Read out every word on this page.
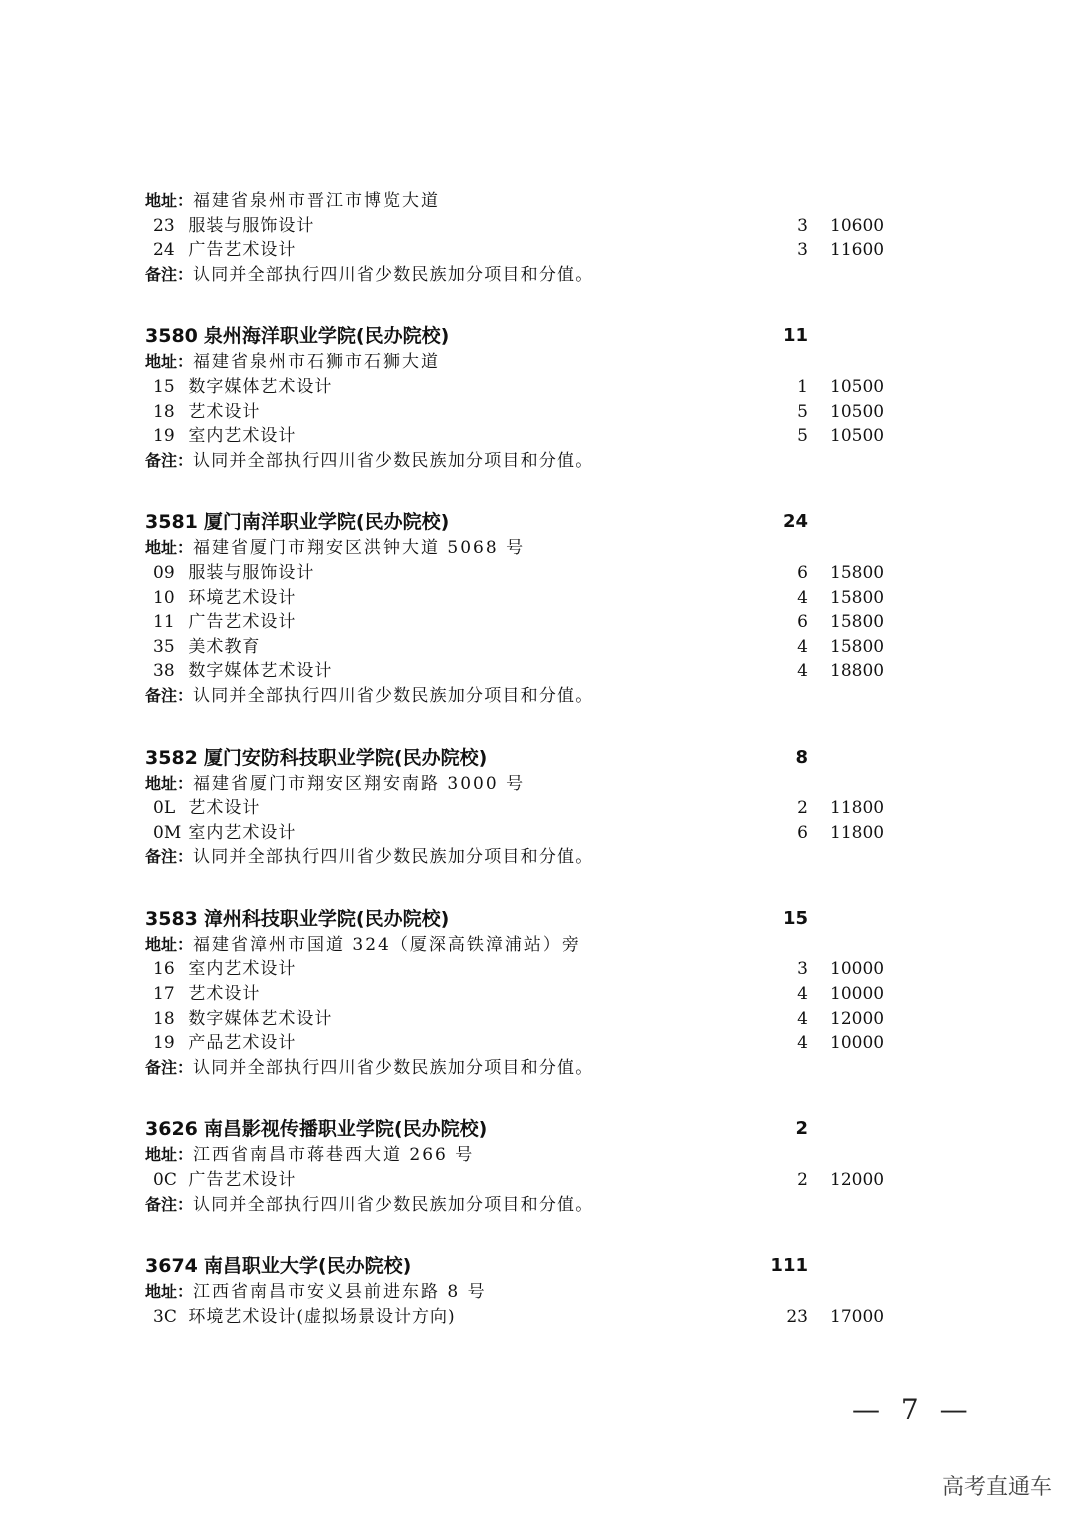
地址：福建省泉州市晋江市博览大道
23 服装与服饰设计	3 10600
24 广告艺术设计	3 11600
备注：认同并全部执行四川省少数民族加分项目和分值。
3580 泉州海洋职业学院(民办院校)	11
地址：福建省泉州市石狮市石狮大道
15 数字媒体艺术设计	1 10500
18 艺术设计	5 10500
19 室内艺术设计	5 10500
备注：认同并全部执行四川省少数民族加分项目和分值。
3581 厦门南洋职业学院(民办院校)	24
地址：福建省厦门市翔安区洪钟大道 5068 号
09 服装与服饰设计	6 15800
10 环境艺术设计	4 15800
11 广告艺术设计	6 15800
35 美术教育	4 15800
38 数字媒体艺术设计	4 18800
备注：认同并全部执行四川省少数民族加分项目和分值。
3582 厦门安防科技职业学院(民办院校)	8
地址：福建省厦门市翔安区翔安南路 3000 号
0L 艺术设计	2 11800
0M 室内艺术设计	6 11800
备注：认同并全部执行四川省少数民族加分项目和分值。
3583 漳州科技职业学院(民办院校)	15
地址：福建省漳州市国道 324（厦深高铁漳浦站）旁
16 室内艺术设计	3 10000
17 艺术设计	4 10000
18 数字媒体艺术设计	4 12000
19 产品艺术设计	4 10000
备注：认同并全部执行四川省少数民族加分项目和分值。
3626 南昌影视传播职业学院(民办院校)	2
地址：江西省南昌市蒋巷西大道 266 号
0C 广告艺术设计	2 12000
备注：认同并全部执行四川省少数民族加分项目和分值。
3674 南昌职业大学(民办院校)	111
地址：江西省南昌市安义县前进东路 8 号
3C 环境艺术设计(虚拟场景设计方向)	23 17000
— 7 —
高考直通车
